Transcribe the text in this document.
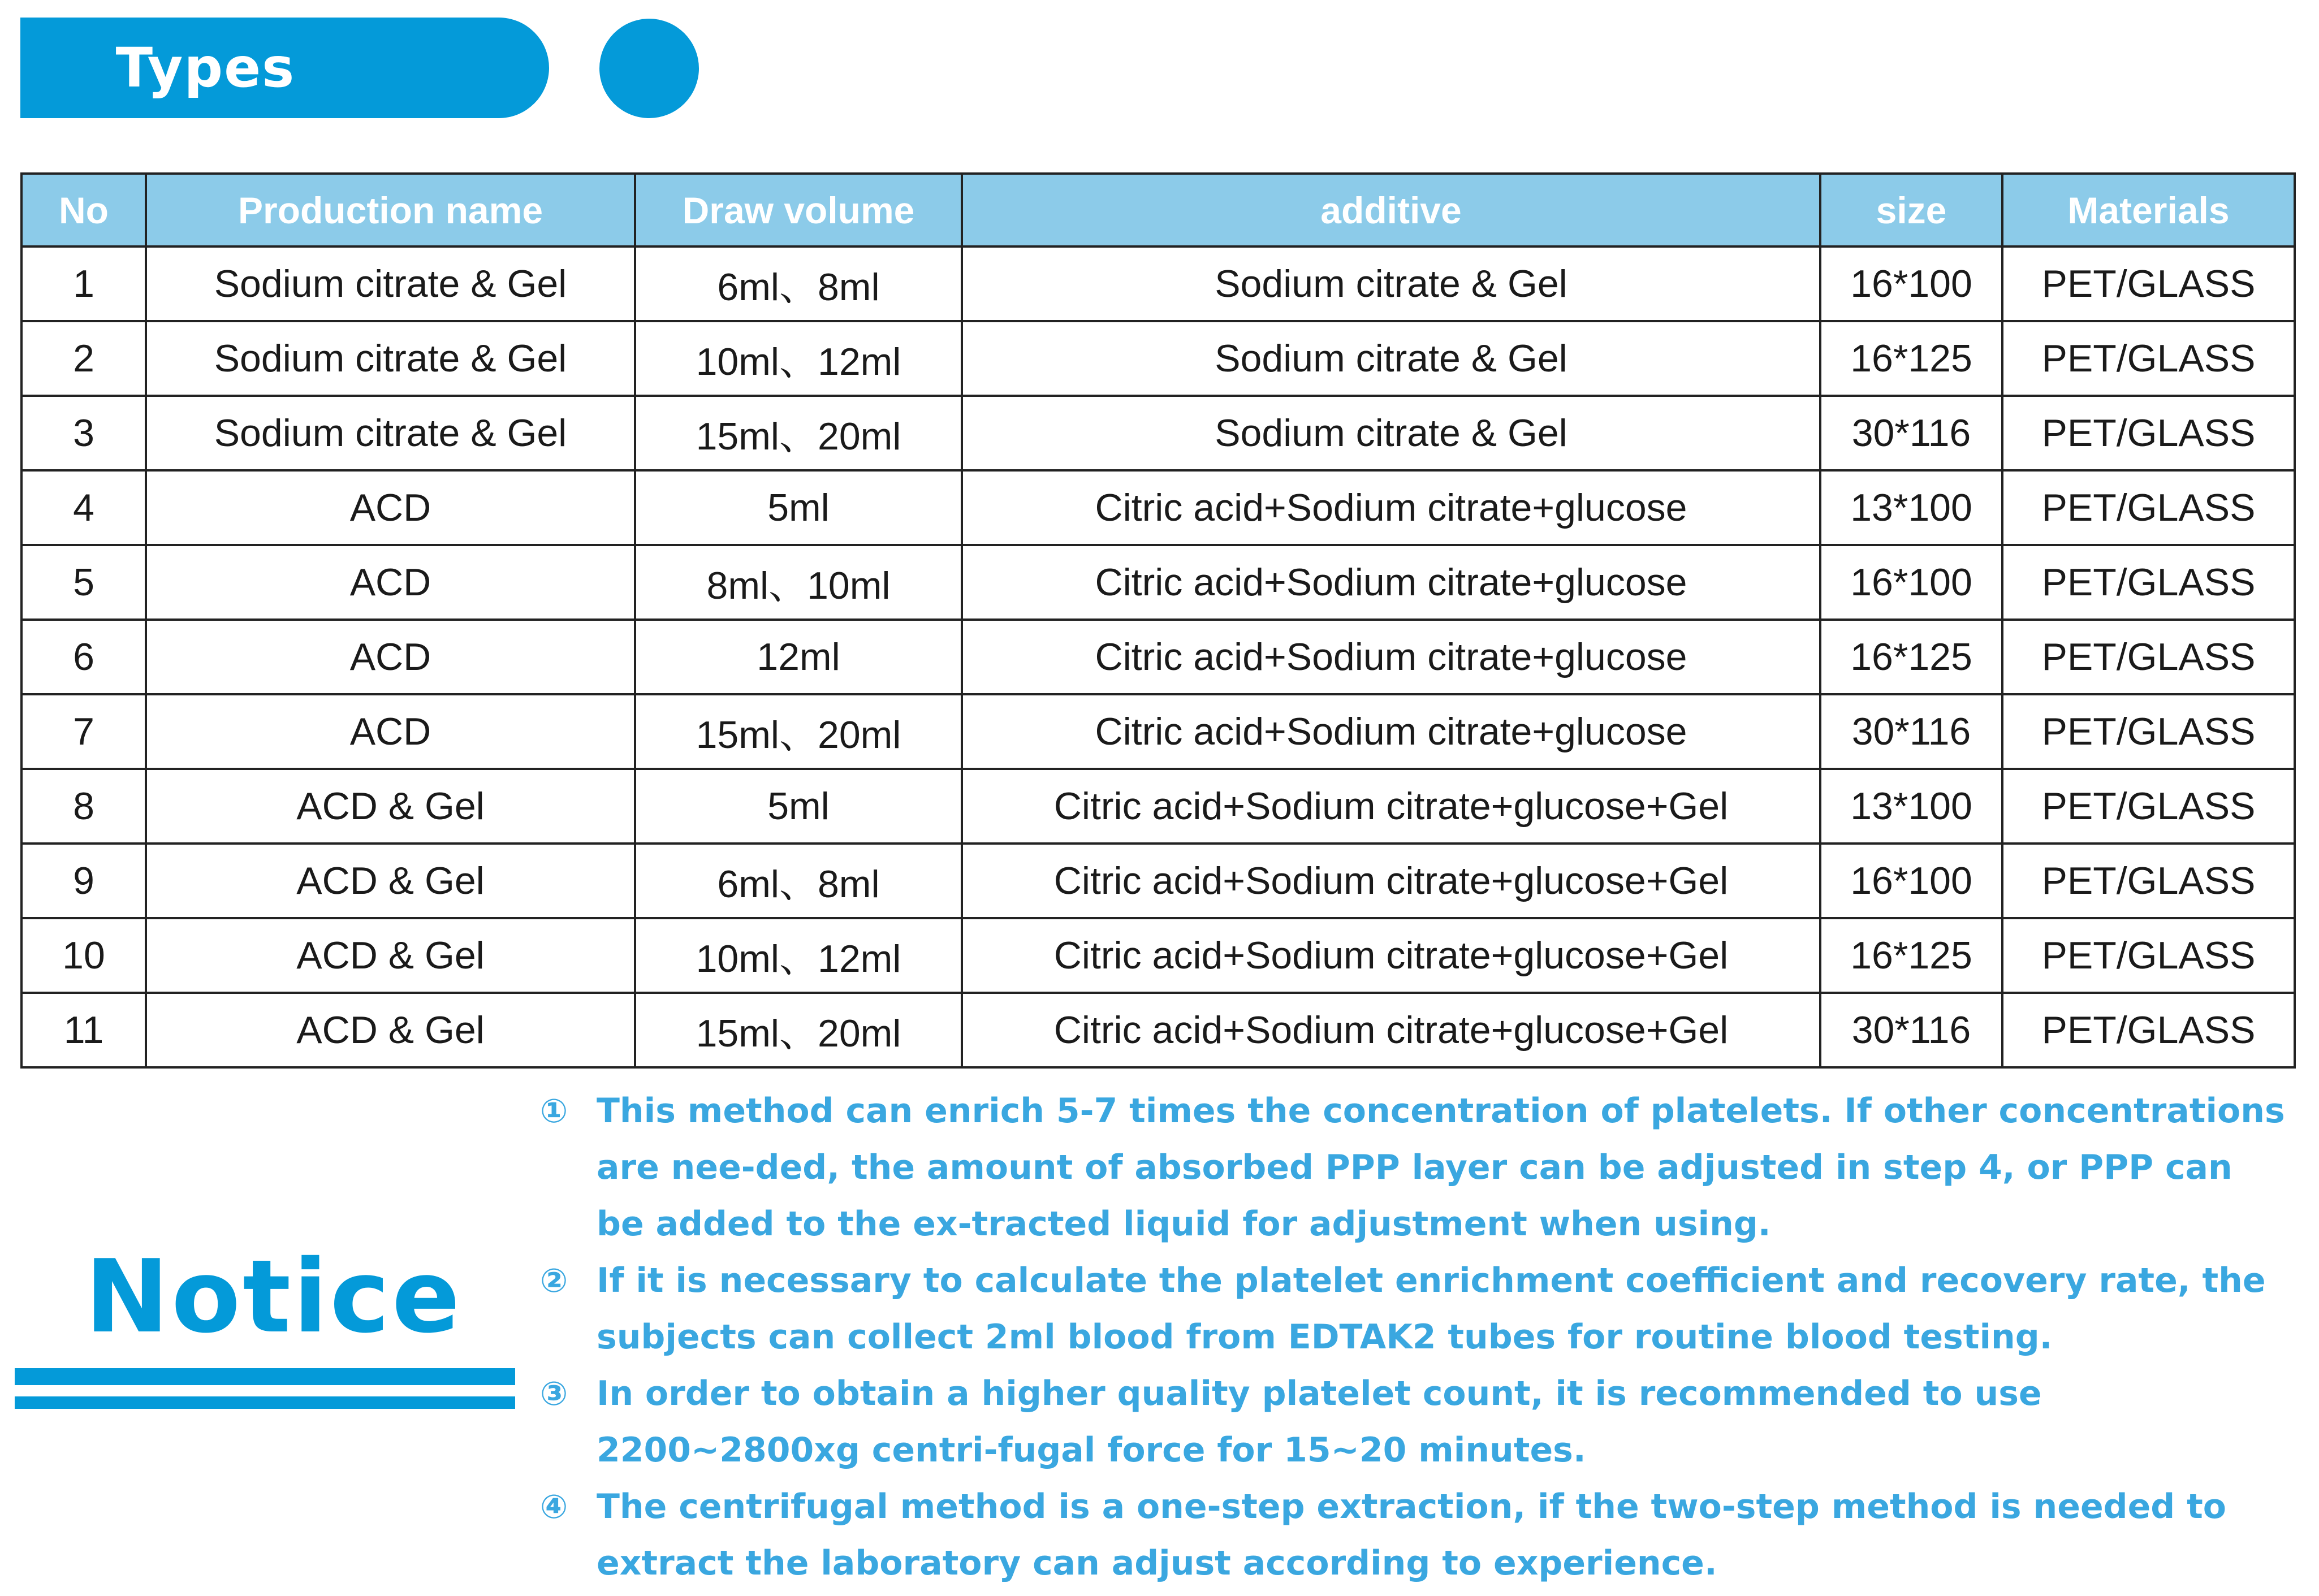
Types
No	Production name	Draw volume	additive	size	Materials
1	Sodium citrate & Gel	6ml、8ml	Sodium citrate & Gel	16*100	PET/GLASS
2	Sodium citrate & Gel	10ml、12ml	Sodium citrate & Gel	16*125	PET/GLASS
3	Sodium citrate & Gel	15ml、20ml	Sodium citrate & Gel	30*116	PET/GLASS
4	ACD	5ml	Citric acid+Sodium citrate+glucose	13*100	PET/GLASS
5	ACD	8ml、10ml	Citric acid+Sodium citrate+glucose	16*100	PET/GLASS
6	ACD	12ml	Citric acid+Sodium citrate+glucose	16*125	PET/GLASS
7	ACD	15ml、20ml	Citric acid+Sodium citrate+glucose	30*116	PET/GLASS
8	ACD & Gel	5ml	Citric acid+Sodium citrate+glucose+Gel	13*100	PET/GLASS
9	ACD & Gel	6ml、8ml	Citric acid+Sodium citrate+glucose+Gel	16*100	PET/GLASS
10	ACD & Gel	10ml、12ml	Citric acid+Sodium citrate+glucose+Gel	16*125	PET/GLASS
11	ACD & Gel	15ml、20ml	Citric acid+Sodium citrate+glucose+Gel	30*116	PET/GLASS
Notice
① This method can enrich 5-7 times the concentration of platelets. If other concentrations are nee-ded, the amount of absorbed PPP layer can be adjusted in step 4, or PPP can be added to the ex-tracted liquid for adjustment when using.
② If it is necessary to calculate the platelet enrichment coefficient and recovery rate, the subjects can collect 2ml blood from EDTAK2 tubes for routine blood testing.
③ In order to obtain a higher quality platelet count, it is recommended to use 2200~2800xg centri-fugal force for 15~20 minutes.
④ The centrifugal method is a one-step extraction, if the two-step method is needed to extract the laboratory can adjust according to experience.
